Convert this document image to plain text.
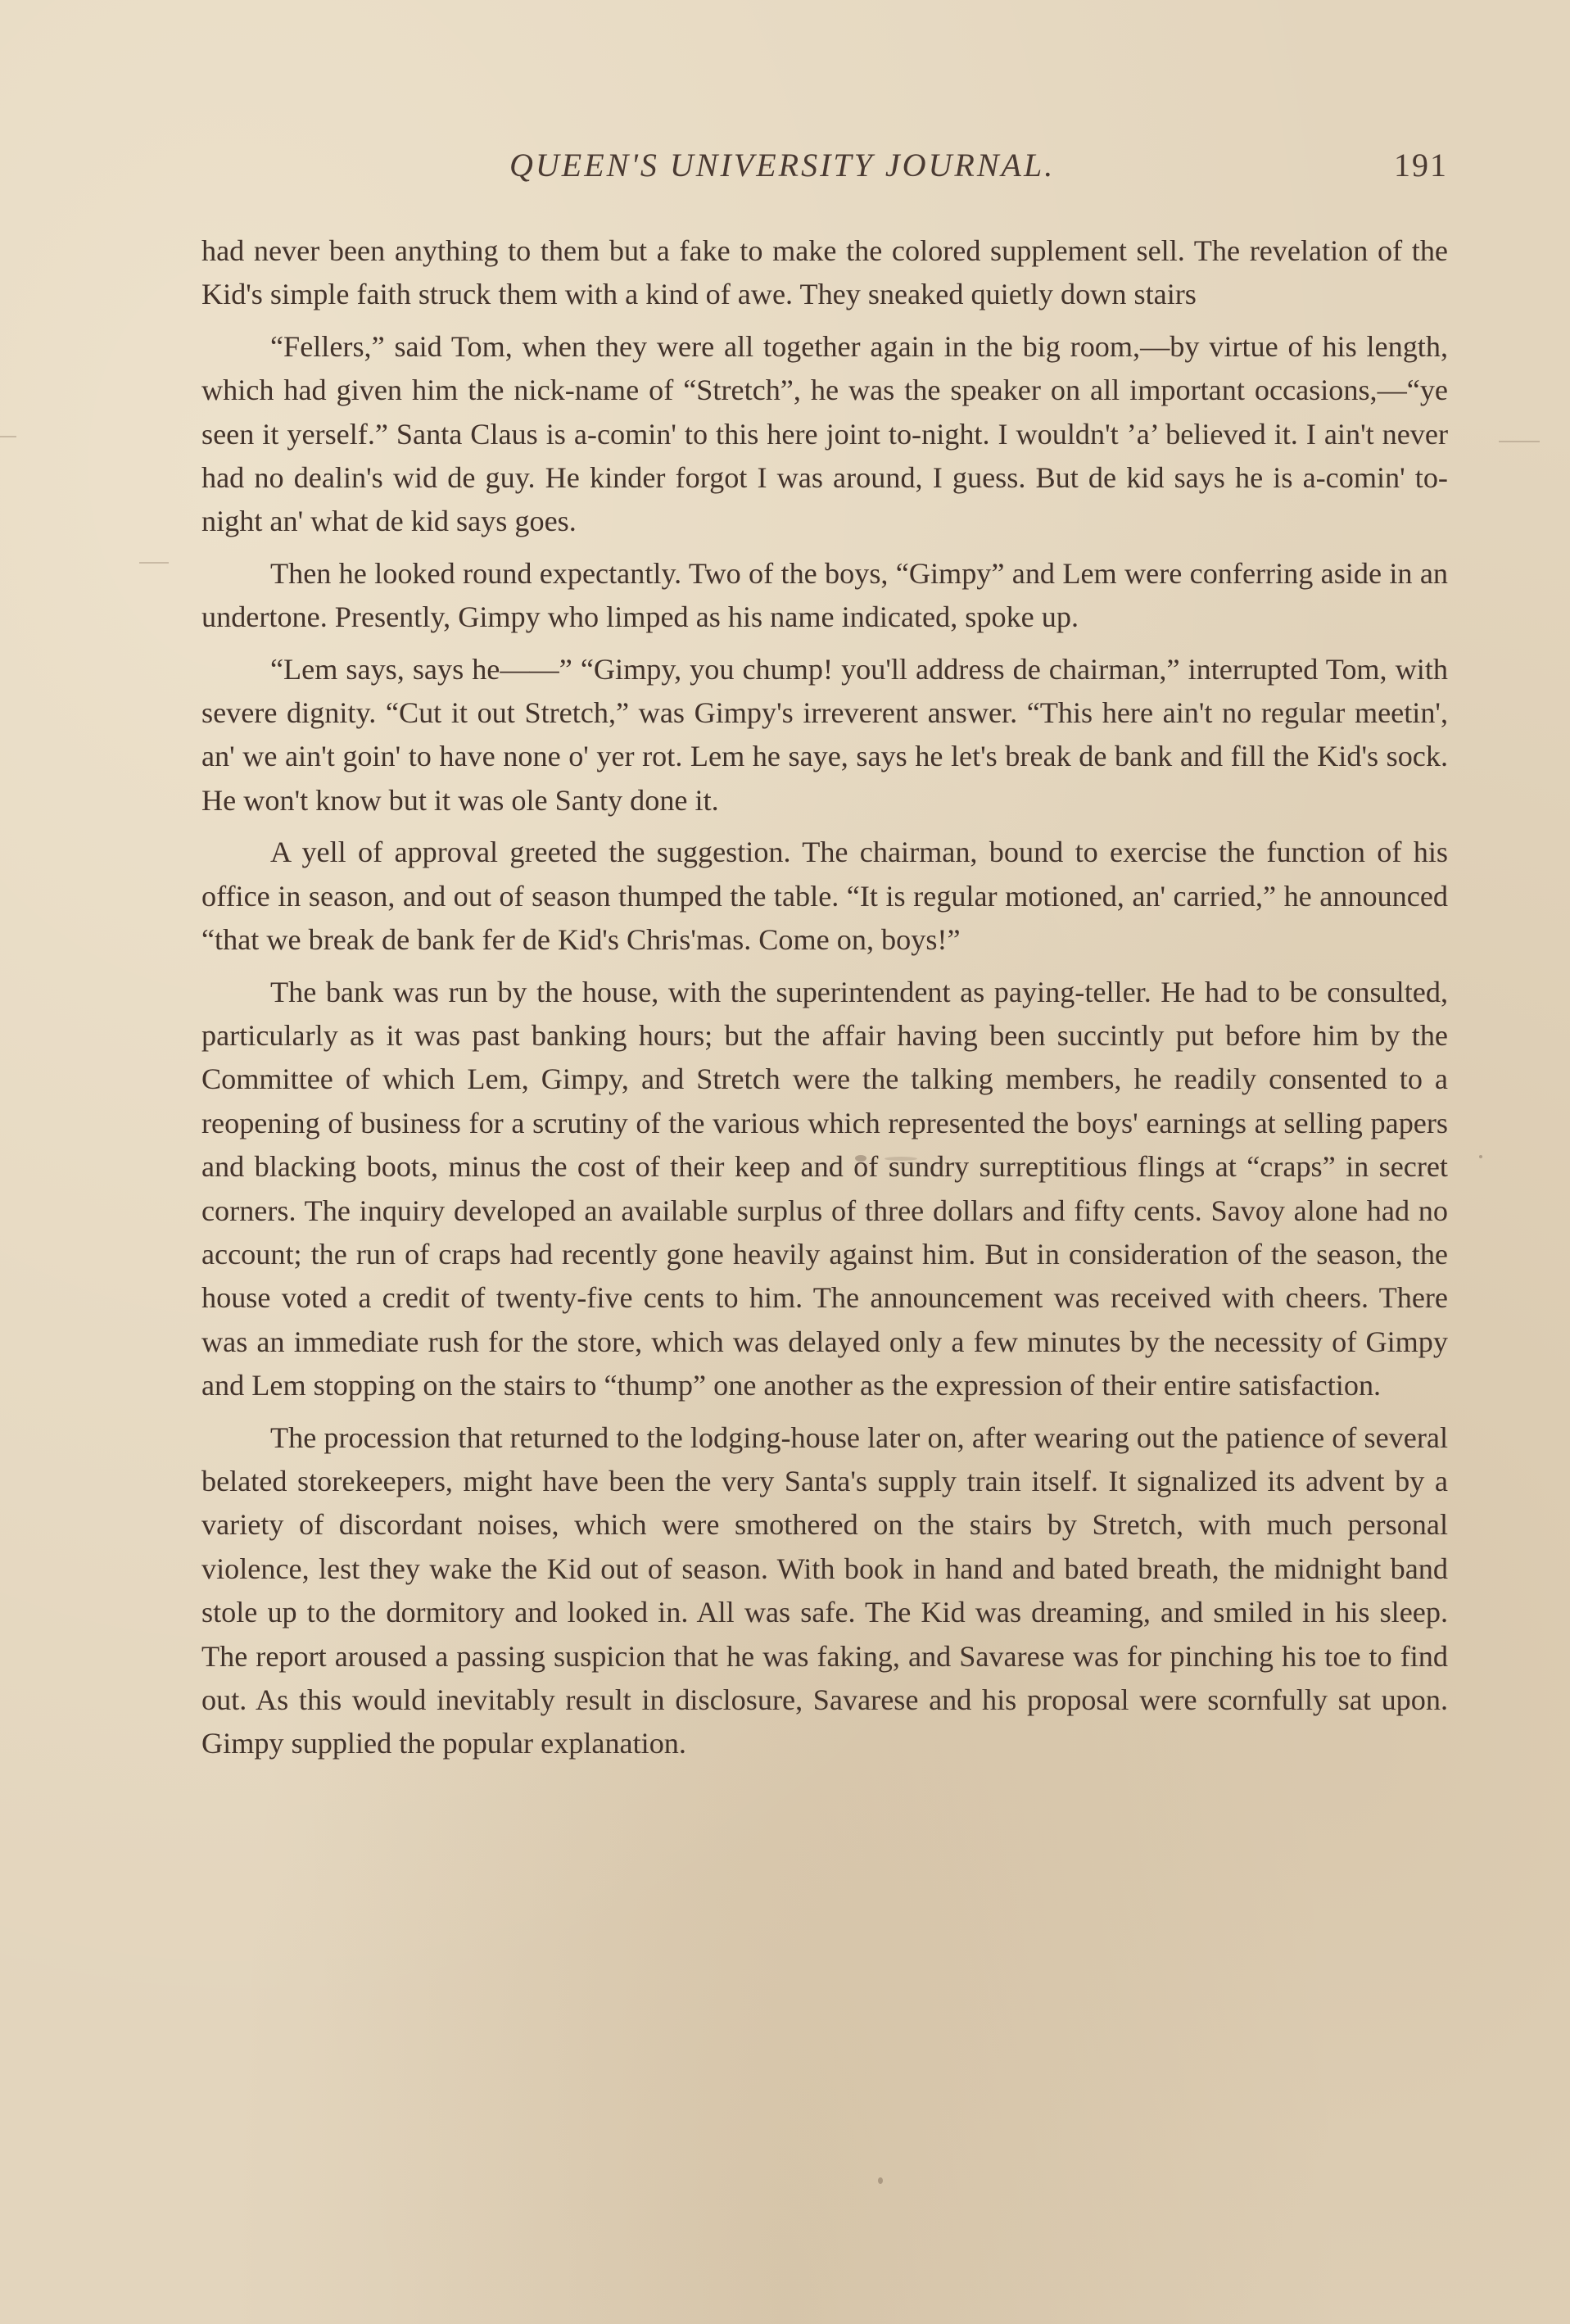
QUEEN'S UNIVERSITY JOURNAL.	191

had never been anything to them but a fake to make the colored supplement sell. The revelation of the Kid's simple faith struck them with a kind of awe. They sneaked quietly down stairs

“Fellers,” said Tom, when they were all together again in the big room,—by virtue of his length, which had given him the nick-name of “Stretch”, he was the speaker on all important occasions,—“ye seen it yerself.” Santa Claus is a-comin' to this here joint to-night. I wouldn't ’a’ believed it. I ain't never had no dealin's wid de guy. He kinder forgot I was around, I guess. But de kid says he is a-comin' to-night an' what de kid says goes.

Then he looked round expectantly. Two of the boys, “Gimpy” and Lem were conferring aside in an undertone. Presently, Gimpy who limped as his name indicated, spoke up.

“Lem says, says he——” “Gimpy, you chump! you'll address de chairman,” interrupted Tom, with severe dignity. “Cut it out Stretch,” was Gimpy's irreverent answer. “This here ain't no regular meetin', an' we ain't goin' to have none o' yer rot. Lem he saye, says he let's break de bank and fill the Kid's sock. He won't know but it was ole Santy done it.

A yell of approval greeted the suggestion. The chairman, bound to exercise the function of his office in season, and out of season thumped the table. “It is regular motioned, an' carried,” he announced “that we break de bank fer de Kid's Chris'mas. Come on, boys!”

The bank was run by the house, with the superintendent as paying-teller. He had to be consulted, particularly as it was past banking hours; but the affair having been succintly put before him by the Committee of which Lem, Gimpy, and Stretch were the talking members, he readily consented to a reopening of business for a scrutiny of the various which represented the boys' earnings at selling papers and blacking boots, minus the cost of their keep and of sundry surreptitious flings at “craps” in secret corners. The inquiry developed an available surplus of three dollars and fifty cents. Savoy alone had no account; the run of craps had recently gone heavily against him. But in consideration of the season, the house voted a credit of twenty-five cents to him. The announcement was received with cheers. There was an immediate rush for the store, which was delayed only a few minutes by the necessity of Gimpy and Lem stopping on the stairs to “thump” one another as the expression of their entire satisfaction.

The procession that returned to the lodging-house later on, after wearing out the patience of several belated storekeepers, might have been the very Santa's supply train itself. It signalized its advent by a variety of discordant noises, which were smothered on the stairs by Stretch, with much personal violence, lest they wake the Kid out of season. With book in hand and bated breath, the midnight band stole up to the dormitory and looked in. All was safe. The Kid was dreaming, and smiled in his sleep. The report aroused a passing suspicion that he was faking, and Savarese was for pinching his toe to find out. As this would inevitably result in disclosure, Savarese and his proposal were scornfully sat upon. Gimpy supplied the popular explanation.
